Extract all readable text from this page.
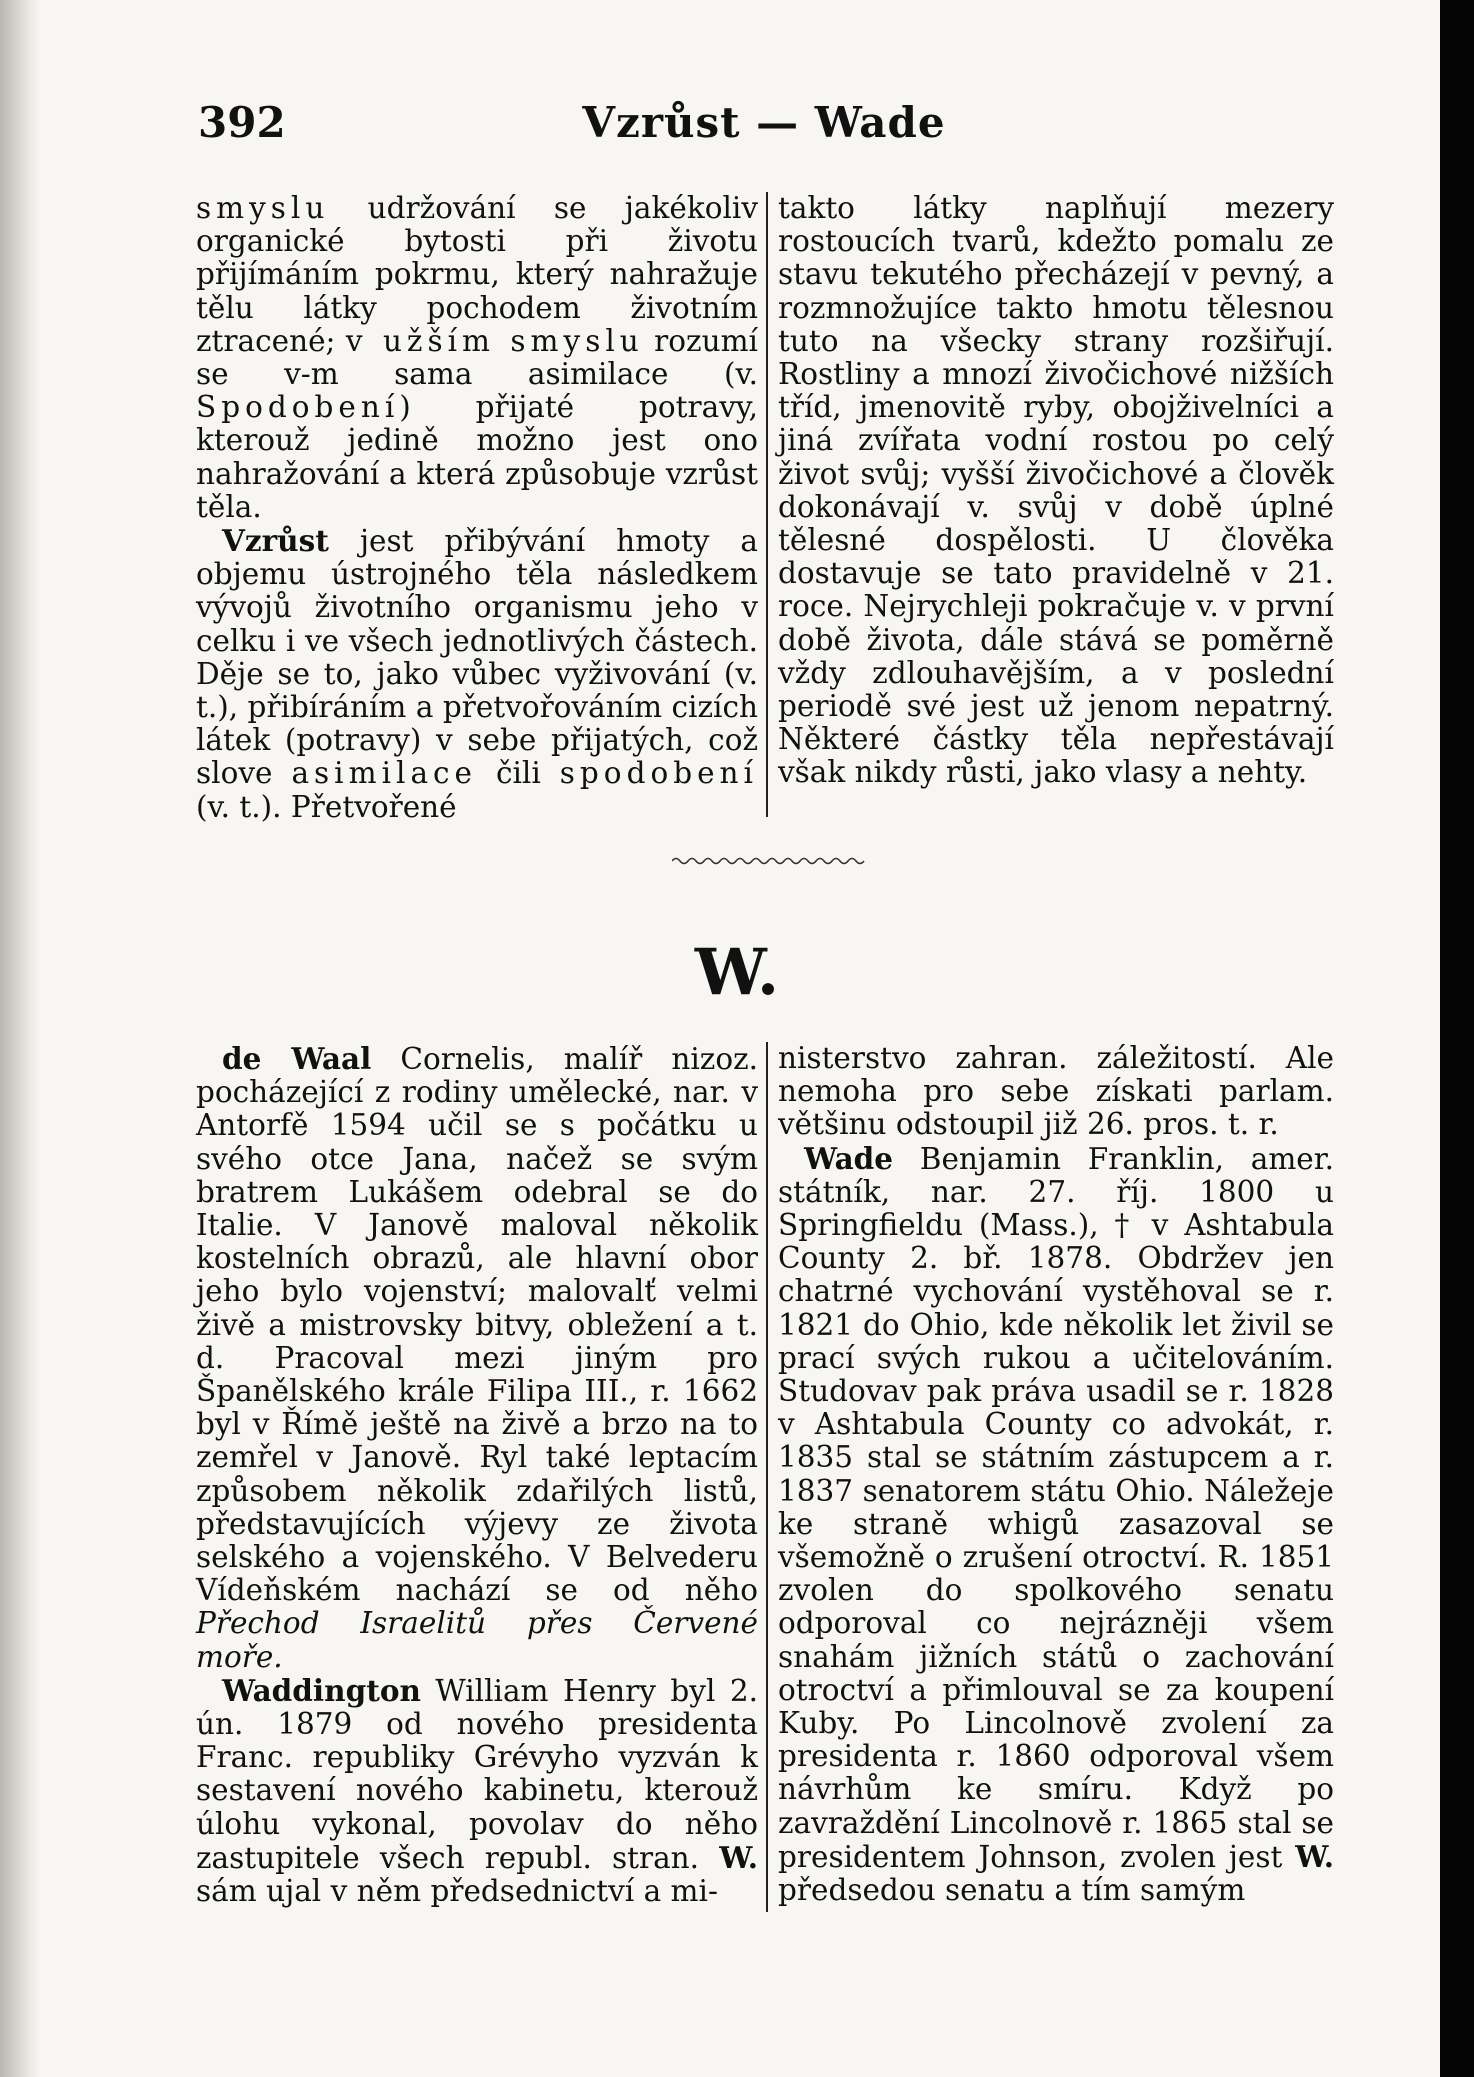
392	Vzrůst — Wade

smyslu udržování se jakékoliv organické bytosti při životu přijímáním pokrmu, který nahražuje tělu látky pochodem životním ztracené; v užším smyslu rozumí se v-m sama asimilace (v. Spodobení) přijaté potravy, kterouž jedině možno jest ono nahražování a která způsobuje vzrůst těla.

Vzrůst jest přibývání hmoty a objemu ústrojného těla následkem vývojů životního organismu jeho v celku i ve všech jednotlivých částech. Děje se to, jako vůbec vyživování (v. t.), přibíráním a přetvořováním cizích látek (potravy) v sebe přijatých, což slove asimilace čili spodobení (v. t.). Přetvořené

takto látky naplňují mezery rostoucích tvarů, kdežto pomalu ze stavu tekutého přecházejí v pevný, a rozmnožujíce takto hmotu tělesnou tuto na všecky strany rozšiřují. Rostliny a mnozí živočichové nižších tříd, jmenovitě ryby, obojživelníci a jiná zvířata vodní rostou po celý život svůj; vyšší živočichové a člověk dokonávají v. svůj v době úplné tělesné dospělosti. U člověka dostavuje se tato pravidelně v 21. roce. Nejrychleji pokračuje v. v první době života, dále stává se poměrně vždy zdlouhavějším, a v poslední periodě své jest už jenom nepatrný. Některé částky těla nepřestávají však nikdy růsti, jako vlasy a nehty.

W.

de Waal Cornelis, malíř nizoz. pocházející z rodiny umělecké, nar. v Antorfě 1594 učil se s počátku u svého otce Jana, načež se svým bratrem Lukášem odebral se do Italie. V Janově maloval několik kostelních obrazů, ale hlavní obor jeho bylo vojenství; malovalť velmi živě a mistrovsky bitvy, obležení a t. d. Pracoval mezi jiným pro Španělského krále Filipa III., r. 1662 byl v Římě ještě na živě a brzo na to zemřel v Janově. Ryl také leptacím způsobem několik zdařilých listů, představujících výjevy ze života selského a vojenského. V Belvederu Vídeňském nachází se od něho Přechod Israelitů přes Červené moře.

Waddington William Henry byl 2. ún. 1879 od nového presidenta Franc. republiky Grévyho vyzván k sestavení nového kabinetu, kterouž úlohu vykonal, povolav do něho zastupitele všech republ. stran. W. sám ujal v něm předsednictví a mi-

nisterstvo zahran. záležitostí. Ale nemoha pro sebe získati parlam. většinu odstoupil již 26. pros. t. r.

Wade Benjamin Franklin, amer. státník, nar. 27. říj. 1800 u Springfieldu (Mass.), † v Ashtabula County 2. bř. 1878. Obdržev jen chatrné vychování vystěhoval se r. 1821 do Ohio, kde několik let živil se prací svých rukou a učitelováním. Studovav pak práva usadil se r. 1828 v Ashtabula County co advokát, r. 1835 stal se státním zástupcem a r. 1837 senatorem státu Ohio. Náležeje ke straně whigů zasazoval se všemožně o zrušení otroctví. R. 1851 zvolen do spolkového senatu odporoval co nejrázněji všem snahám jižních států o zachování otroctví a přimlouval se za koupení Kuby. Po Lincolnově zvolení za presidenta r. 1860 odporoval všem návrhům ke smíru. Když po zavraždění Lincolnově r. 1865 stal se presidentem Johnson, zvolen jest W. předsedou senatu a tím samým
